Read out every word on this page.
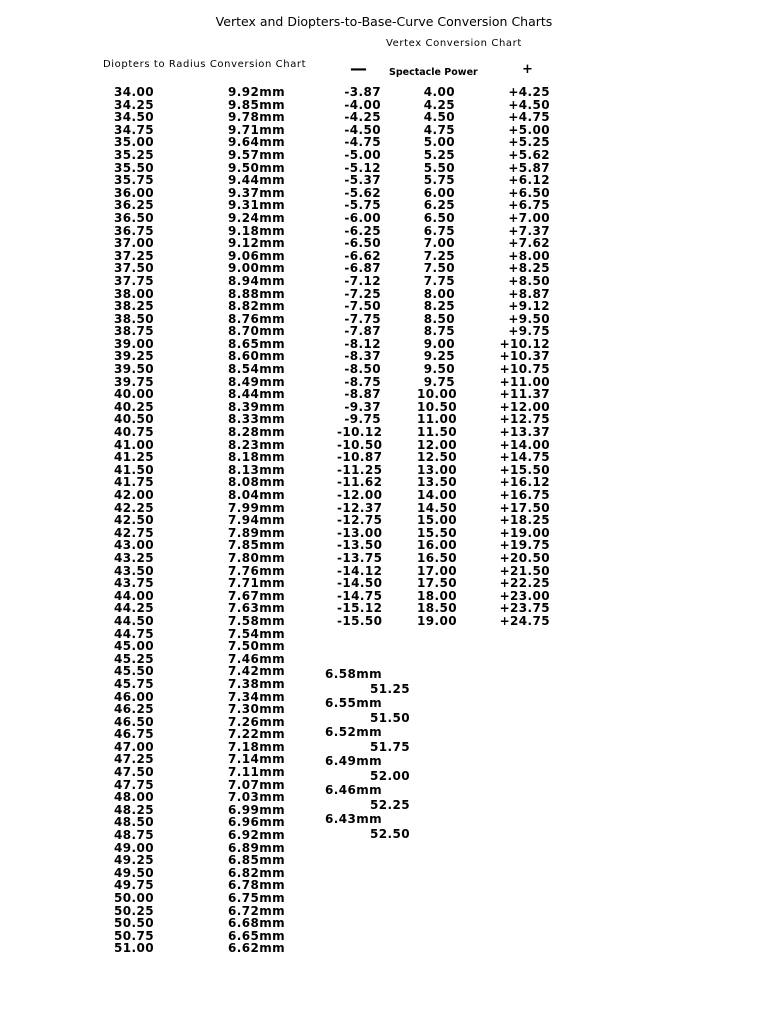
Vertex and Diopters-to-Base-Curve Conversion Charts
Vertex Conversion Chart
Diopters to Radius Conversion Chart	— Spectacle Power	+
34.00
34.25
34.50
34.75
35.00
35.25
35.50
35.75
36.00
36.25
36.50
36.75
37.00
37.25
37.50
37.75
38.00
38.25
38.50
38.75
39.00
39.25
39.50
39.75
40.00
40.25
40.50
40.75
41.00
41.25
41.50
41.75
42.00
42.25
42.50
42.75
43.00
43.25
43.50
43.75
44.00
44.25
44.50
44.75
45.00
45.25
45.50
45.75
46.00
46.25
46.50
46.75
47.00
47.25
47.50
47.75
48.00
48.25
48.50
48.75
49.00
49.25
49.50
49.75
50.00
50.25
50.50
50.75
51.00
9.92mm
9.85mm
9.78mm
9.71mm
9.64mm
9.57mm
9.50mm
9.44mm
9.37mm
9.31mm
9.24mm
9.18mm
9.12mm
9.06mm
9.00mm
8.94mm
8.88mm
8.82mm
8.76mm
8.70mm
8.65mm
8.60mm
8.54mm
8.49mm
8.44mm
8.39mm
8.33mm
8.28mm
8.23mm
8.18mm
8.13mm
8.08mm
8.04mm
7.99mm
7.94mm
7.89mm
7.85mm
7.80mm
7.76mm
7.71mm
7.67mm
7.63mm
7.58mm
7.54mm
7.50mm
7.46mm
7.42mm
7.38mm
7.34mm
7.30mm
7.26mm
7.22mm
7.18mm
7.14mm
7.11mm
7.07mm
7.03mm
6.99mm
6.96mm
6.92mm
6.89mm
6.85mm
6.82mm
6.78mm
6.75mm
6.72mm
6.68mm
6.65mm
6.62mm
-3.87
-4.00
-4.25
-4.50
-4.75
-5.00
-5.12
-5.37
-5.62
-5.75
-6.00
-6.25
-6.50
-6.62
-6.87
-7.12
-7.25
-7.50
-7.75
-7.87
-8.12
-8.37
-8.50
-8.75
-8.87
-9.37
-9.75
-10.12
-10.50
-10.87
-11.25
-11.62
-12.00
-12.37
-12.75
-13.00
-13.50
-13.75
-14.12
-14.50
-14.75
-15.12
-15.50
4.00
4.25
4.50
4.75
5.00
5.25
5.50
5.75
6.00
6.25
6.50
6.75
7.00
7.25
7.50
7.75
8.00
8.25
8.50
8.75
9.00
9.25
9.50
9.75
10.00
10.50
11.00
11.50
12.00
12.50
13.00
13.50
14.00
14.50
15.00
15.50
16.00
16.50
17.00
17.50
18.00
18.50
19.00
+4.25
+4.50
+4.75
+5.00
+5.25
+5.62
+5.87
+6.12
+6.50
+6.75
+7.00
+7.37
+7.62
+8.00
+8.25
+8.50
+8.87
+9.12
+9.50
+9.75
+10.12
+10.37
+10.75
+11.00
+11.37
+12.00
+12.75
+13.37
+14.00
+14.75
+15.50
+16.12
+16.75
+17.50
+18.25
+19.00
+19.75
+20.50
+21.50
+22.25
+23.00
+23.75
+24.75
6.58mm
51.25
6.55mm
51.50
6.52mm
51.75
6.49mm
52.00
6.46mm
52.25
6.43mm
52.50
